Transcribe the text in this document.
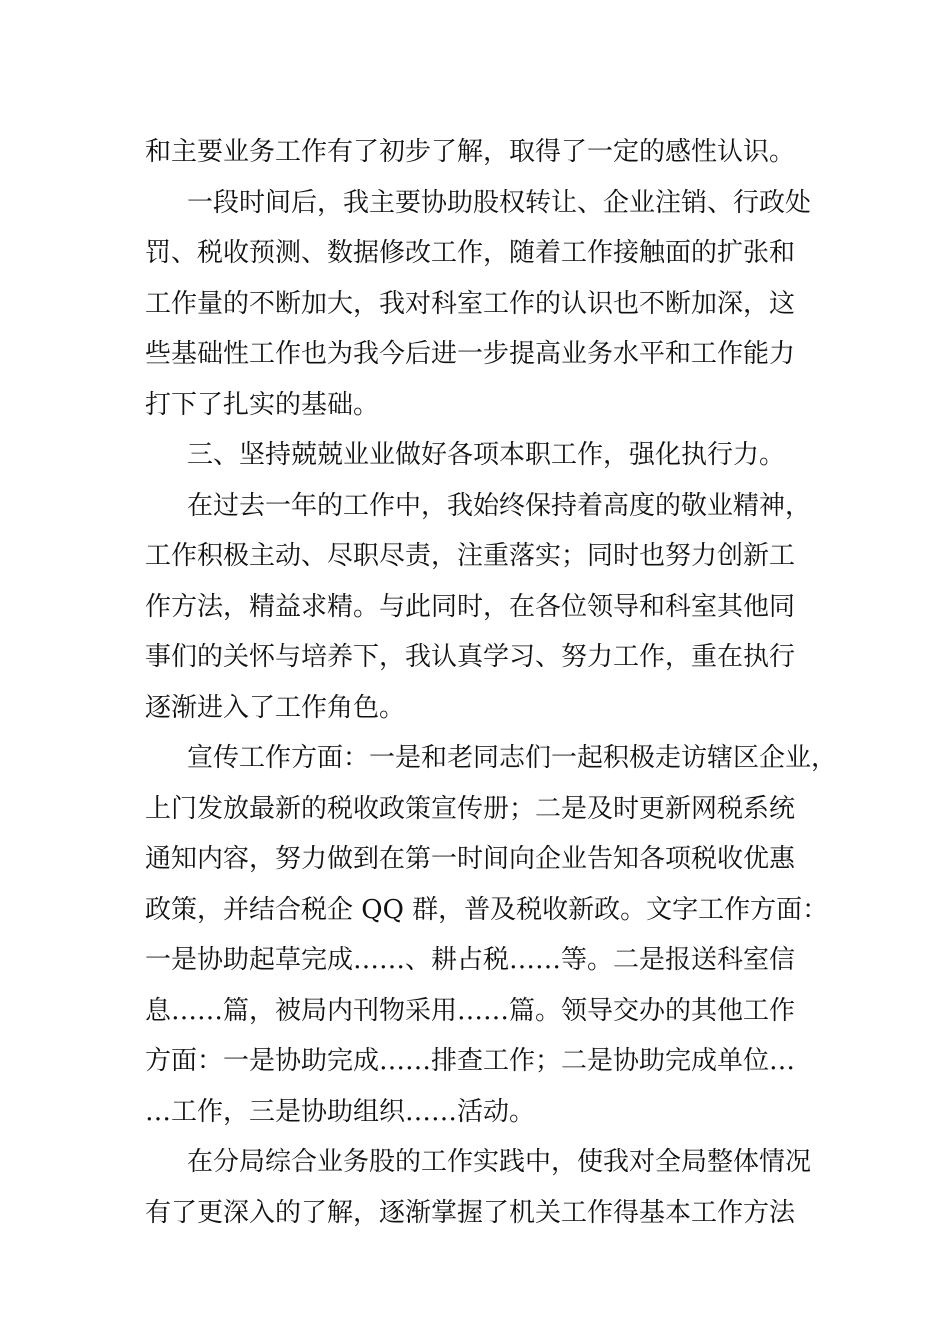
和主要业务工作有了初步了解，取得了一定的感性认识。
一段时间后，我主要协助股权转让、企业注销、行政处
罚、税收预测、数据修改工作，随着工作接触面的扩张和
工作量的不断加大，我对科室工作的认识也不断加深，这
些基础性工作也为我今后进一步提高业务水平和工作能力
打下了扎实的基础。
三、坚持兢兢业业做好各项本职工作，强化执行力。
在过去一年的工作中，我始终保持着高度的敬业精神，
工作积极主动、尽职尽责，注重落实；同时也努力创新工
作方法，精益求精。与此同时，在各位领导和科室其他同
事们的关怀与培养下，我认真学习、努力工作，重在执行
逐渐进入了工作角色。
宣传工作方面：一是和老同志们一起积极走访辖区企业，
上门发放最新的税收政策宣传册；二是及时更新网税系统
通知内容，努力做到在第一时间向企业告知各项税收优惠
政策，并结合税企 QQ 群，普及税收新政。文字工作方面：
一是协助起草完成……、耕占税……等。二是报送科室信
息……篇，被局内刊物采用……篇。领导交办的其他工作
方面：一是协助完成……排查工作；二是协助完成单位…
…工作，三是协助组织……活动。
在分局综合业务股的工作实践中，使我对全局整体情况
有了更深入的了解，逐渐掌握了机关工作得基本工作方法
